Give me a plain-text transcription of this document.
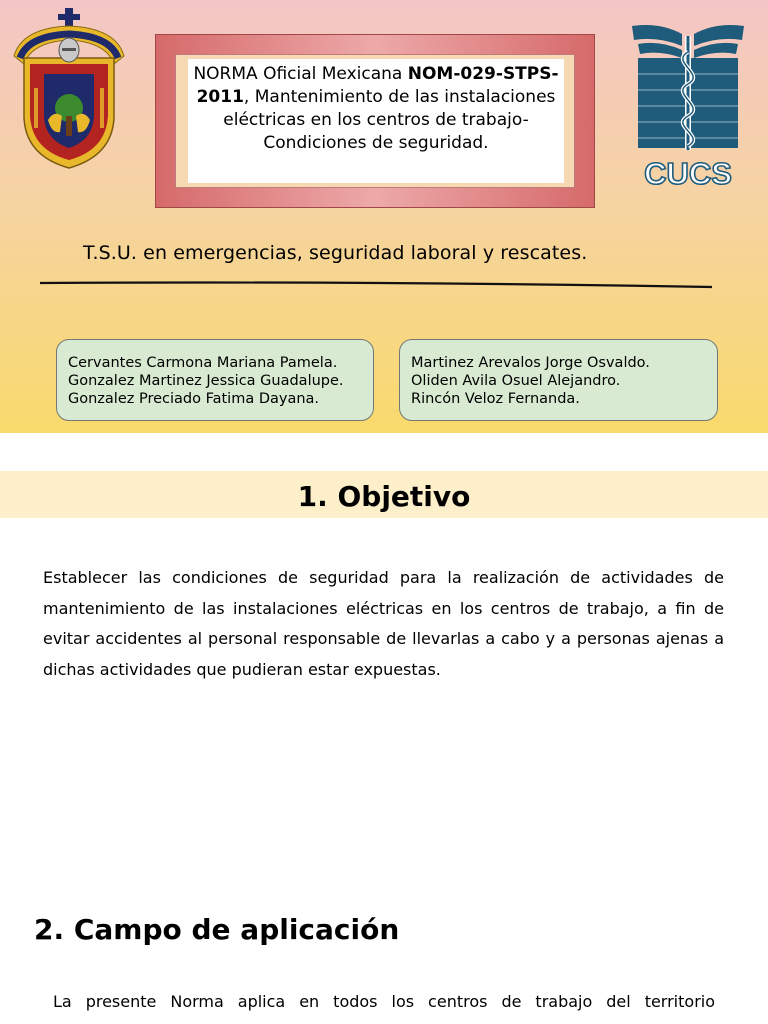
CUCS
NORMA Oficial Mexicana NOM-029-STPS-2011, Mantenimiento de las instalaciones eléctricas en los centros de trabajo-Condiciones de seguridad.
T.S.U. en emergencias, seguridad laboral y rescates.
Cervantes Carmona Mariana Pamela.
Gonzalez Martinez Jessica Guadalupe.
Gonzalez Preciado Fatima Dayana.
Martinez Arevalos Jorge Osvaldo.
Oliden Avila Osuel Alejandro.
Rincón Veloz Fernanda.
1. Objetivo
Establecer las condiciones de seguridad para la realización de actividades de mantenimiento de las instalaciones eléctricas en los centros de trabajo, a fin de evitar accidentes al personal responsable de llevarlas a cabo y a personas ajenas a dichas actividades que pudieran estar expuestas.
2. Campo de aplicación
La presente Norma aplica en todos los centros de trabajo del territorio
